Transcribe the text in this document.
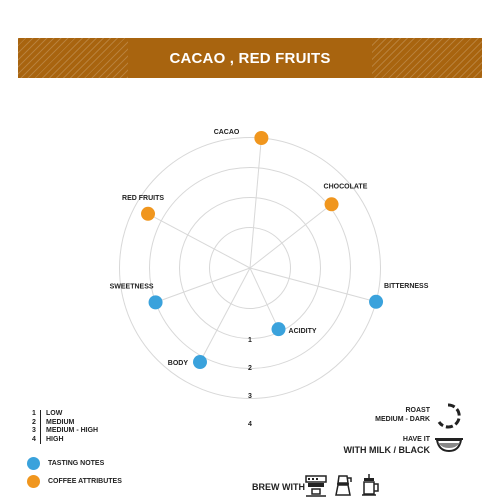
CACAO , RED FRUITS
1
2
3
4
CACAO
CHOCOLATE
BITTERNESS
ACIDITY
BODY
SWEETNESS
RED FRUITS
1	LOW
2	MEDIUM
3	MEDIUM - HIGH
4	HIGH
TASTING NOTES
COFFEE ATTRIBUTES
ROAST
MEDIUM - DARK
HAVE IT
WITH MILK / BLACK
BREW WITH
